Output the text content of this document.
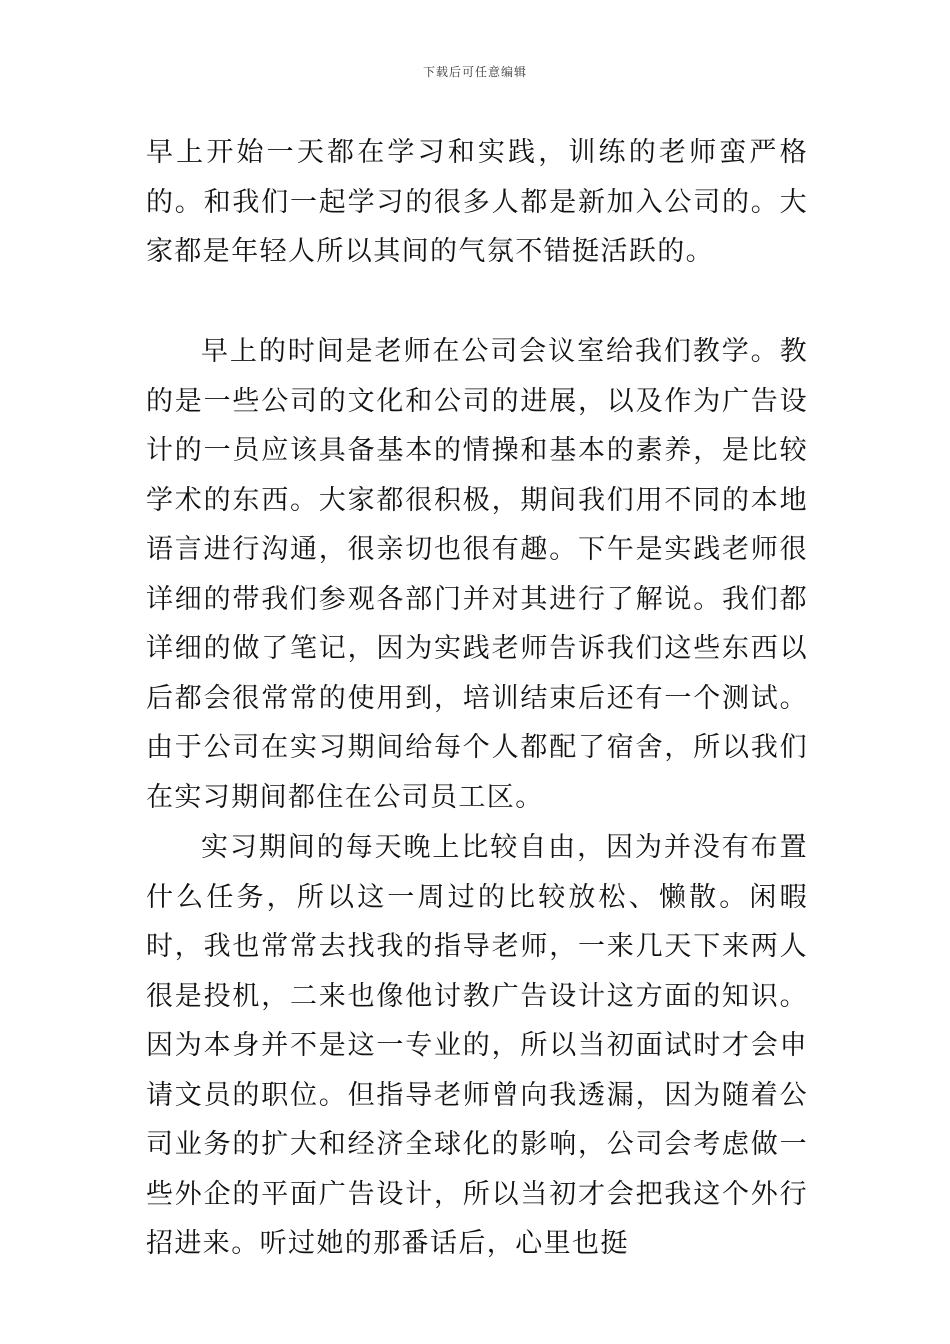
下载后可任意编辑

早上开始一天都在学习和实践，训练的老师蛮严格的。和我们一起学习的很多人都是新加入公司的。大家都是年轻人所以其间的气氛不错挺活跃的。

早上的时间是老师在公司会议室给我们教学。教的是一些公司的文化和公司的进展，以及作为广告设计的一员应该具备基本的情操和基本的素养，是比较学术的东西。大家都很积极，期间我们用不同的本地语言进行沟通，很亲切也很有趣。下午是实践老师很详细的带我们参观各部门并对其进行了解说。我们都详细的做了笔记，因为实践老师告诉我们这些东西以后都会很常常的使用到，培训结束后还有一个测试。由于公司在实习期间给每个人都配了宿舍，所以我们在实习期间都住在公司员工区。

实习期间的每天晚上比较自由，因为并没有布置什么任务，所以这一周过的比较放松、懒散。闲暇时，我也常常去找我的指导老师，一来几天下来两人很是投机，二来也像他讨教广告设计这方面的知识。因为本身并不是这一专业的，所以当初面试时才会申请文员的职位。但指导老师曾向我透漏，因为随着公司业务的扩大和经济全球化的影响，公司会考虑做一些外企的平面广告设计，所以当初才会把我这个外行招进来。听过她的那番话后，心里也挺
